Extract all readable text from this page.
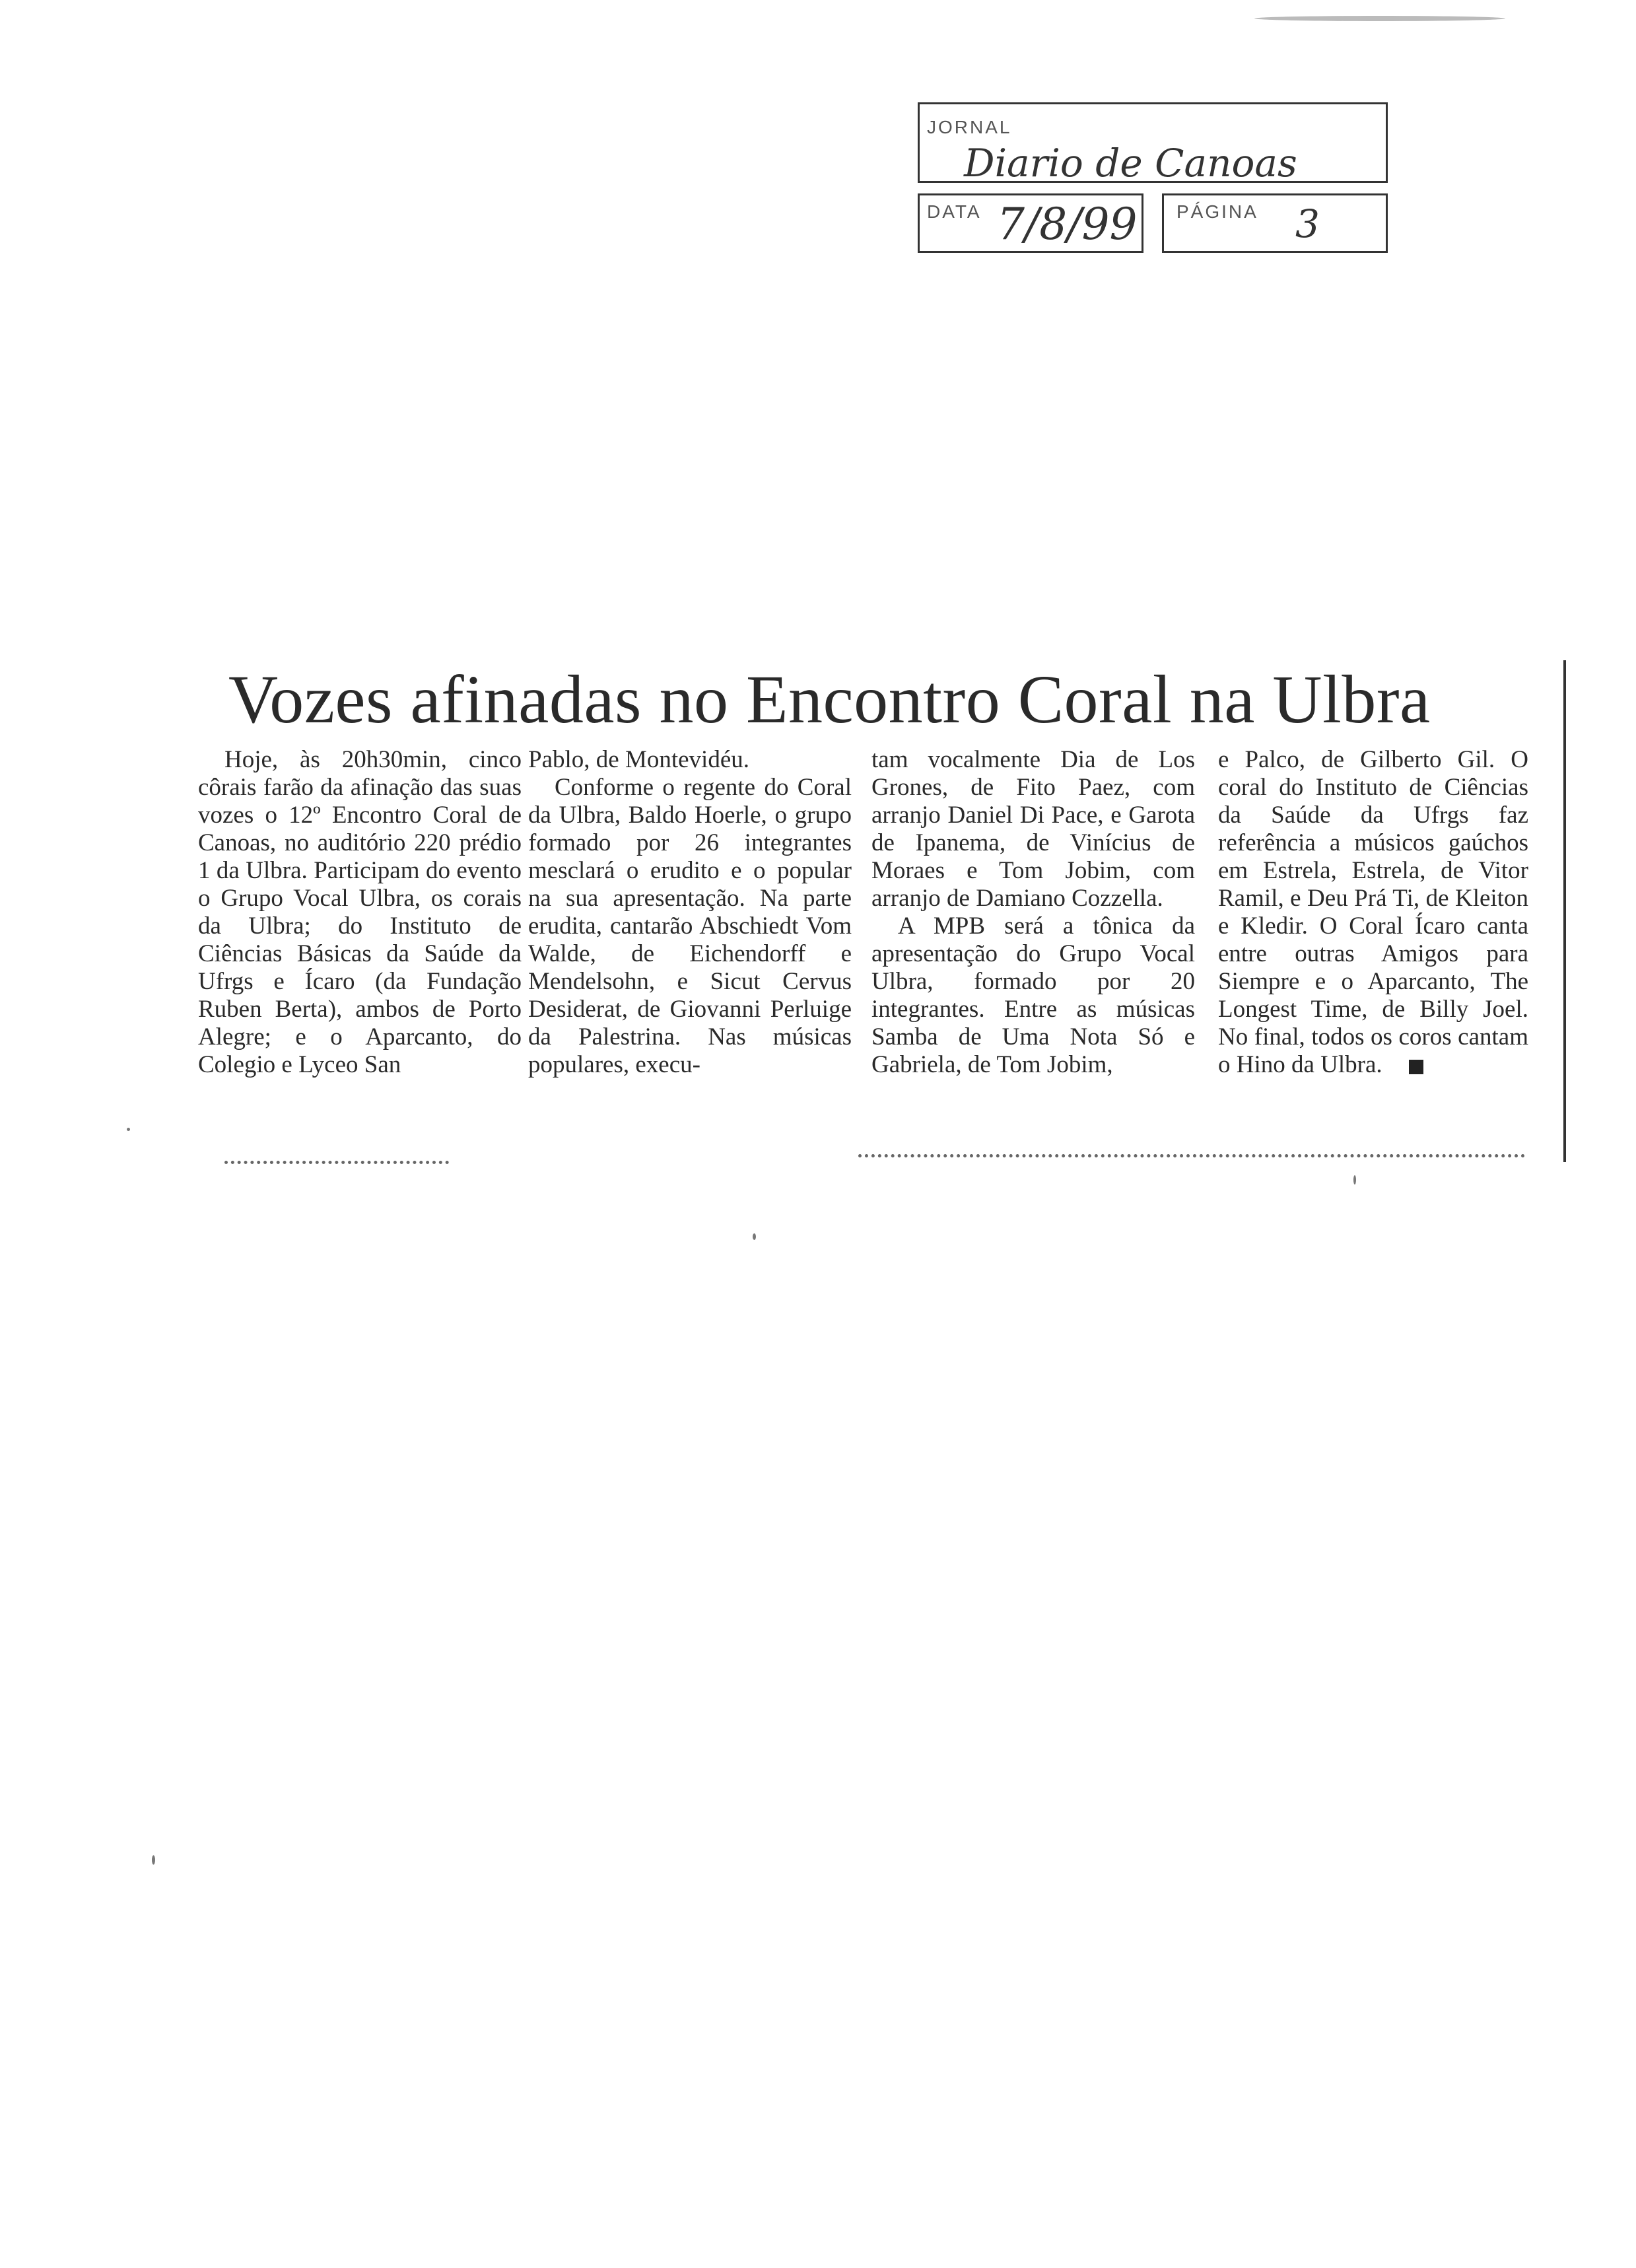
JORNAL
Diario de Canoas
DATA 7/8/99 PÁGINA 3
Vozes afinadas no Encontro Coral na Ulbra

Hoje, às 20h30min, cinco côrais farão da afinação das suas vozes o 12º Encontro Coral de Canoas, no auditório 220 prédio 1 da Ulbra. Participam do evento o Grupo Vocal Ulbra, os corais da Ulbra; do Instituto de Ciências Básicas da Saúde da Ufrgs e Ícaro (da Fundação Ruben Berta), ambos de Porto Alegre; e o Aparcanto, do Colegio e Lyceo San

Pablo, de Montevidéu.

Conforme o regente do Coral da Ulbra, Baldo Hoerle, o grupo formado por 26 integrantes mesclará o erudito e o popular na sua apresentação. Na parte erudita, cantarão Abschiedt Vom Walde, de Eichendorff e Mendelsohn, e Sicut Cervus Desiderat, de Giovanni Perluige da Palestrina. Nas músicas populares, execu-

tam vocalmente Dia de Los Grones, de Fito Paez, com arranjo Daniel Di Pace, e Garota de Ipanema, de Vinícius de Moraes e Tom Jobim, com arranjo de Damiano Cozzella.

A MPB será a tônica da apresentação do Grupo Vocal Ulbra, formado por 20 integrantes. Entre as músicas Samba de Uma Nota Só e Gabriela, de Tom Jobim,

e Palco, de Gilberto Gil. O coral do Instituto de Ciências da Saúde da Ufrgs faz referência a músicos gaúchos em Estrela, Estrela, de Vitor Ramil, e Deu Prá Ti, de Kleiton e Kledir. O Coral Ícaro canta entre outras Amigos para Siempre e o Aparcanto, The Longest Time, de Billy Joel. No final, todos os coros cantam o Hino da Ulbra.
